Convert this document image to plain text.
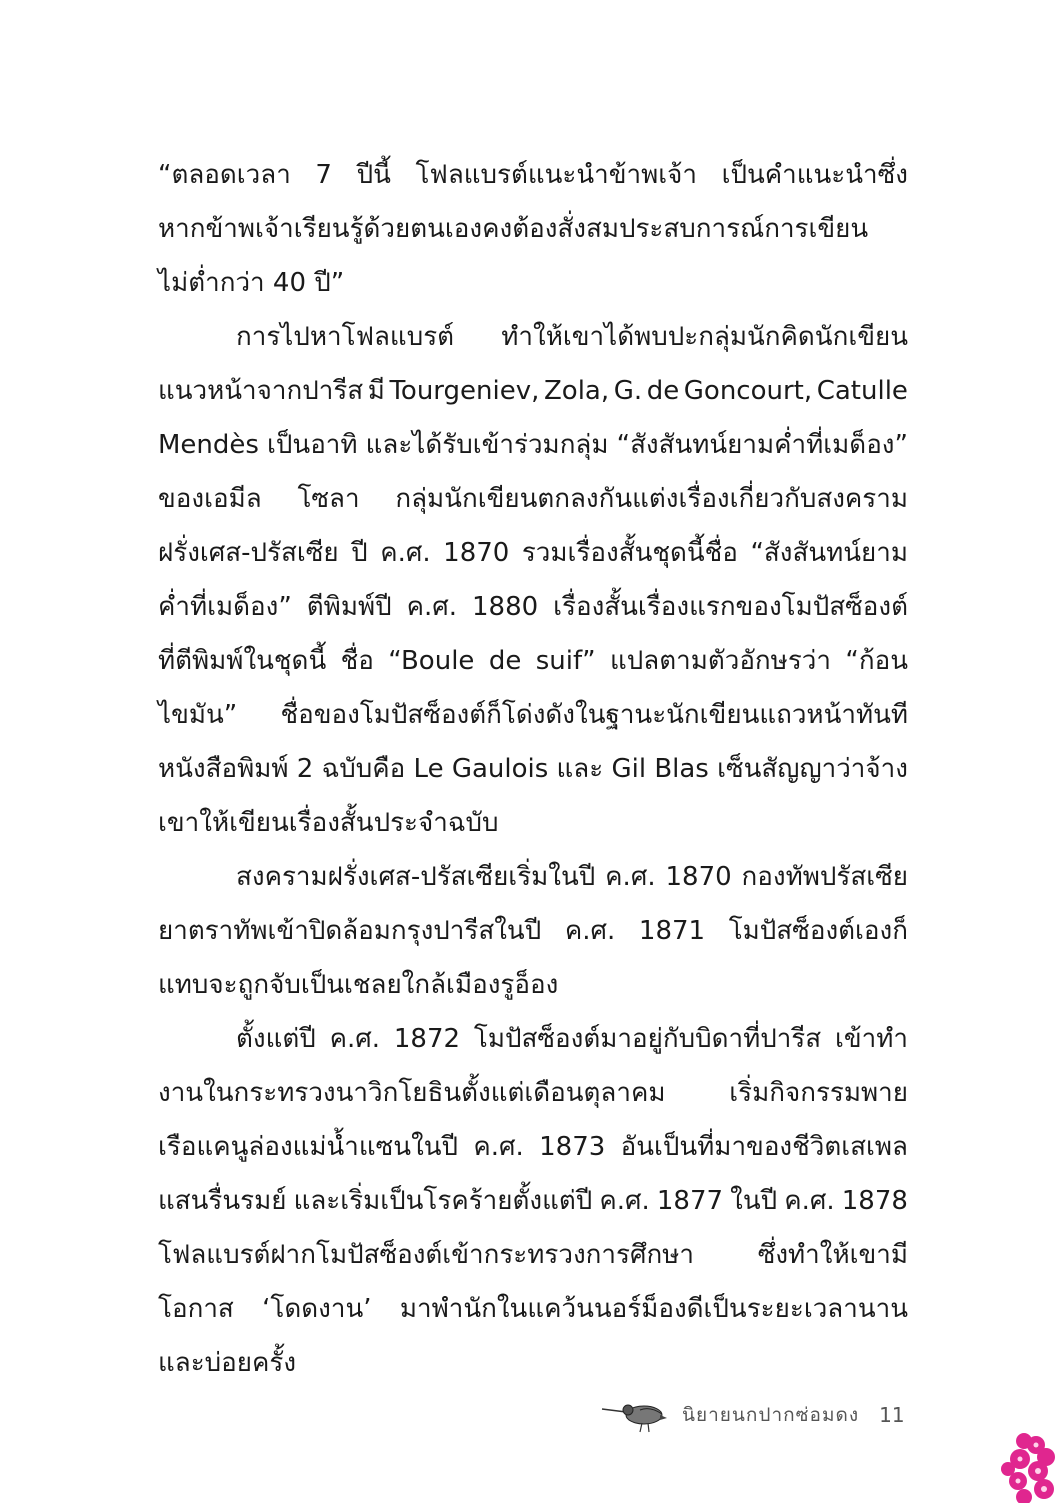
“ตลอดเวลา 7 ปีนี้ โฟลแบรต์แนะนำข้าพเจ้า เป็นคำแนะนำซึ่ง
หากข้าพเจ้าเรียนรู้ด้วยตนเองคงต้องสั่งสมประสบการณ์การเขียน
ไม่ต่ำกว่า
40
ปี”
การไปหาโฟลแบรต์ ทำให้เขาได้พบปะกลุ่มนักคิดนักเขียน
แนวหน้าจากปารีส มี Tourgeniev, Zola, G. de Goncourt, Catulle
Mendès เป็นอาทิ และได้รับเข้าร่วมกลุ่ม “สังสันทน์ยามค่ำที่เมด็อง”
ของเอมีล โซลา กลุ่มนักเขียนตกลงกันแต่งเรื่องเกี่ยวกับสงคราม
ฝรั่งเศส-ปรัสเซีย ปี ค.ศ. 1870 รวมเรื่องสั้นชุดนี้ชื่อ “สังสันทน์ยาม
ค่ำที่เมด็อง” ตีพิมพ์ปี ค.ศ. 1880 เรื่องสั้นเรื่องแรกของโมปัสซ็องต์
ที่ตีพิมพ์ในชุดนี้ ชื่อ “Boule de suif” แปลตามตัวอักษรว่า “ก้อน
ไขมัน” ชื่อของโมปัสซ็องต์ก็โด่งดังในฐานะนักเขียนแถวหน้าทันที
หนังสือพิมพ์ 2 ฉบับคือ Le Gaulois และ Gil Blas เซ็นสัญญาว่าจ้าง
เขาให้เขียนเรื่องสั้นประจำฉบับ
สงครามฝรั่งเศส-ปรัสเซียเริ่มในปี ค.ศ. 1870 กองทัพปรัสเซีย
ยาตราทัพเข้าปิดล้อมกรุงปารีสในปี ค.ศ. 1871 โมปัสซ็องต์เองก็
แทบจะถูกจับเป็นเชลยใกล้เมืองรูอ็อง
ตั้งแต่ปี ค.ศ. 1872 โมปัสซ็องต์มาอยู่กับบิดาที่ปารีส เข้าทำ
งานในกระทรวงนาวิกโยธินตั้งแต่เดือนตุลาคม เริ่มกิจกรรมพาย
เรือแคนูล่องแม่น้ำแซนในปี ค.ศ. 1873 อันเป็นที่มาของชีวิตเสเพล
แสนรื่นรมย์ และเริ่มเป็นโรคร้ายตั้งแต่ปี ค.ศ. 1877 ในปี ค.ศ. 1878
โฟลแบรต์ฝากโมปัสซ็องต์เข้ากระทรวงการศึกษา ซึ่งทำให้เขามี
โอกาส ‘โดดงาน’ มาพำนักในแคว้นนอร์ม็องดีเป็นระยะเวลานาน
และบ่อยครั้ง
นิยายนกปากซ่อมดง 11
